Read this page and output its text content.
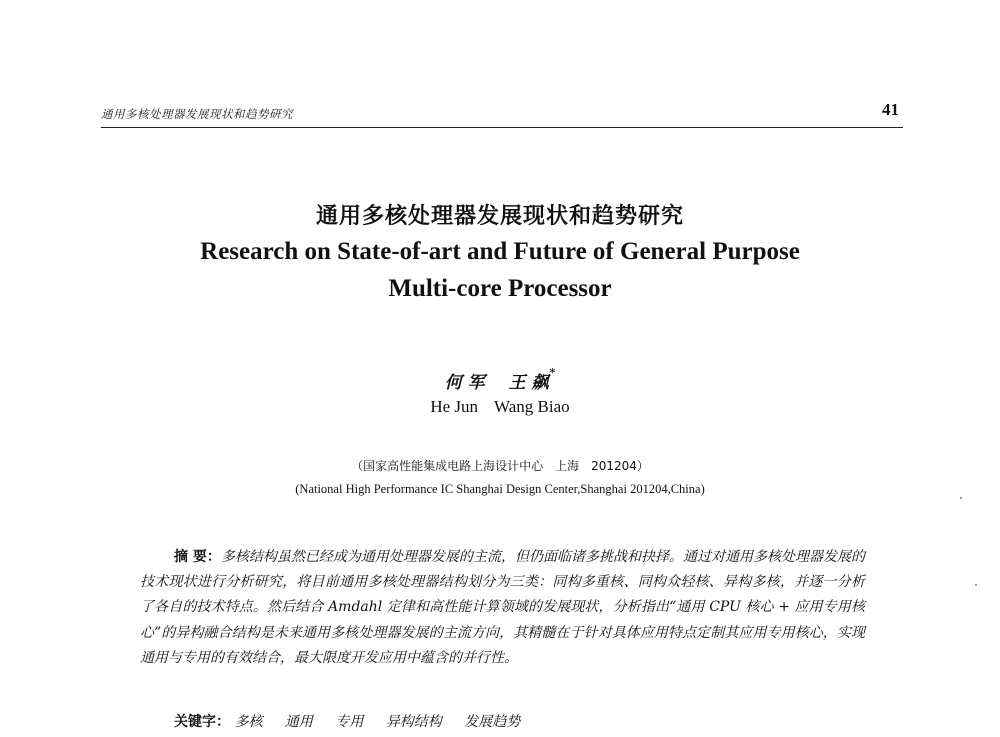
通用多核处理器发展现状和趋势研究	41
通用多核处理器发展现状和趋势研究
Research on State-of-art and Future of General Purpose
Multi-core Processor
何 军 王 飙*
He Jun Wang Biao
（国家高性能集成电路上海设计中心　上海　201204）
(National High Performance IC Shanghai Design Center,Shanghai 201204,China)
摘 要：多核结构虽然已经成为通用处理器发展的主流，但仍面临诸多挑战和抉择。通过对通用多核处理器发展的技术现状进行分析研究，将目前通用多核处理器结构划分为三类：同构多重核、同构众轻核、异构多核，并逐一分析了各自的技术特点。然后结合 Amdahl 定律和高性能计算领域的发展现状，分析指出“通用 CPU 核心 + 应用专用核心”的异构融合结构是未来通用多核处理器发展的主流方向，其精髓在于针对具体应用特点定制其应用专用核心，实现通用与专用的有效结合，最大限度开发应用中蕴含的并行性。
关键字： 多核 通用 专用 异构结构 发展趋势
